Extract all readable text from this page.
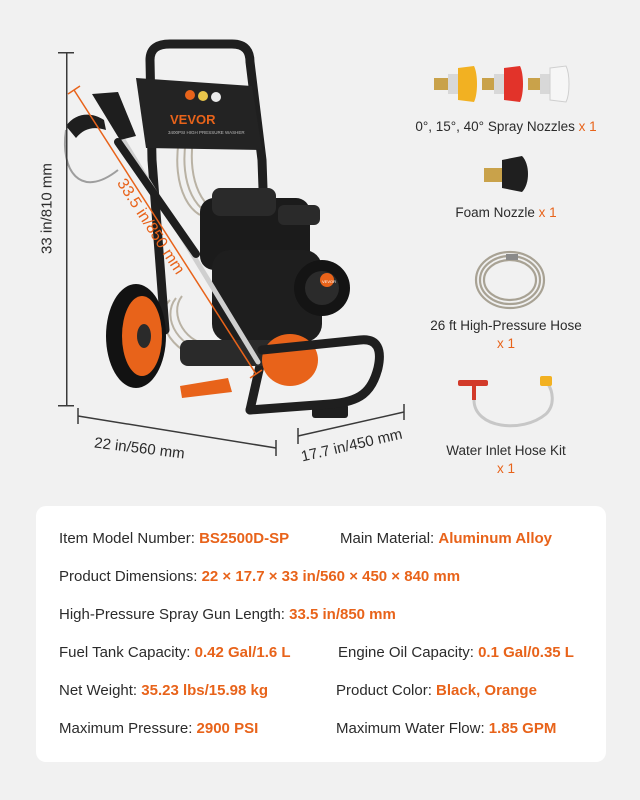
VEVOR
3400PSI HIGH PRESSURE WASHER
VEVOR
33 in/810 mm	33.5 in/850 mm
22 in/560 mm	17.7 in/450 mm
0°, 15°, 40° Spray Nozzles x 1
Foam Nozzle x 1
26 ft High-Pressure Hose
x 1
Water Inlet Hose Kit
x 1
Item Model Number: BS2500D-SP	Main Material: Aluminum Alloy
Product Dimensions: 22 × 17.7 × 33 in/560 × 450 × 840 mm
High-Pressure Spray Gun Length: 33.5 in/850 mm
Fuel Tank Capacity: 0.42 Gal/1.6 L	Engine Oil Capacity: 0.1 Gal/0.35 L
Net Weight: 35.23 lbs/15.98 kg	Product Color: Black, Orange
Maximum Pressure: 2900 PSI	Maximum Water Flow: 1.85 GPM
